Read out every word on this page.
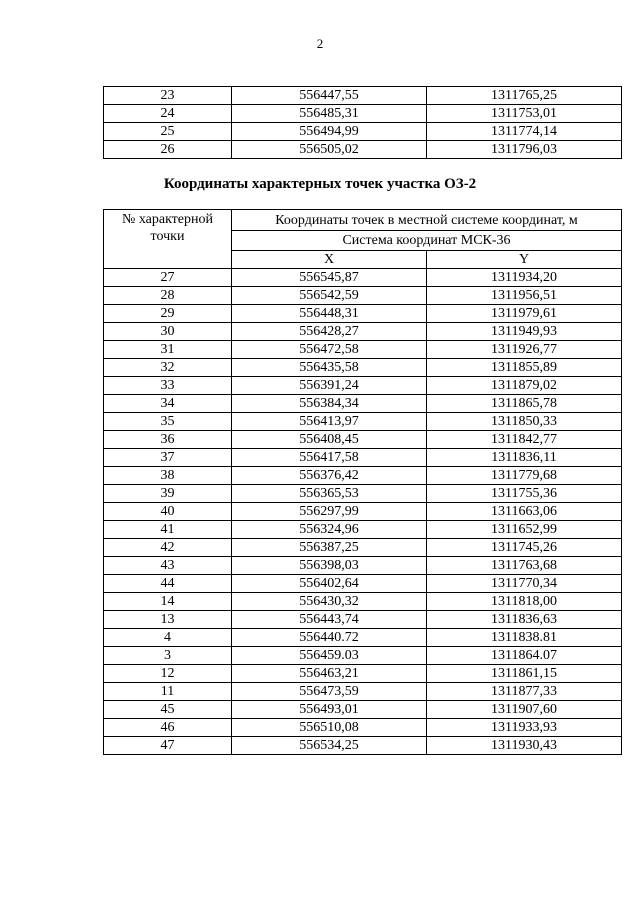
2
23	556447,55	1311765,25
24	556485,31	1311753,01
25	556494,99	1311774,14
26	556505,02	1311796,03
Координаты характерных точек участка ОЗ-2
№ характерной точки	Координаты точек в местной системе координат, м	
	Система координат МСК-36	
	X	Y
27	556545,87	1311934,20
28	556542,59	1311956,51
29	556448,31	1311979,61
30	556428,27	1311949,93
31	556472,58	1311926,77
32	556435,58	1311855,89
33	556391,24	1311879,02
34	556384,34	1311865,78
35	556413,97	1311850,33
36	556408,45	1311842,77
37	556417,58	1311836,11
38	556376,42	1311779,68
39	556365,53	1311755,36
40	556297,99	1311663,06
41	556324,96	1311652,99
42	556387,25	1311745,26
43	556398,03	1311763,68
44	556402,64	1311770,34
14	556430,32	1311818,00
13	556443,74	1311836,63
4	556440.72	1311838.81
3	556459.03	1311864.07
12	556463,21	1311861,15
11	556473,59	1311877,33
45	556493,01	1311907,60
46	556510,08	1311933,93
47	556534,25	1311930,43
